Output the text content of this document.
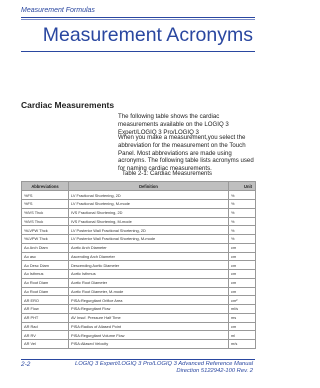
Measurement Formulas
Measurement Acronyms
Cardiac Measurements
The following table shows the cardiac measurements available on the LOGIQ 3 Expert/LOGIQ 3 Pro/LOGIQ 3
When you make a measurement,you select the abbreviation for the measurement on the Touch Panel. Most abbreviations are made using acronyms. The following table lists acronyms used for naming cardiac measurements.
Table 2-1: Cardiac Measurements
Abbreviations	Definition	Unit
%FS	LV Fractional Shortening, 2D	%
%FS	LV Fractional Shortening, M-mode	%
%IVS Thck	IVS Fractional Shortening, 2D	%
%IVS Thck	IVS Fractional Shortening, M-mode	%
%LVPW Thck	LV Posterior Wall Fractional Shortening, 2D	%
%LVPW Thck	LV Posterior Wall Fractional Shortening, M-mode	%
Ao Arch Diam	Aortic Arch Diameter	cm
Ao asc	Ascending Arch Diameter	cm
Ao Desc Diam	Descending Aortic Diameter	cm
Ao Isthmus	Aortic Isthmus	cm
Ao Root Diam	Aortic Root Diameter	cm
Ao Root Diam	Aortic Root Diameter, M-mode	cm
AR ERO	PISA:Regurgitant Orifice Area	cm²
AR Flow	PISA:Regurgitant Flow	ml/s
AR PHT	AV Insuf. Pressure Half Time	ms
AR Rad	PISA:Radius of Aliased Point	cm
AR RV	PISA:Regurgitant Volume Flow	ml
AR Vel	PISA:Aliased Velocity	m/s
2-2	LOGIQ 3 Expert/LOGIQ 3 Pro/LOGIQ 3 Advanced Reference Manual
Direction 5122942-100 Rev. 2
